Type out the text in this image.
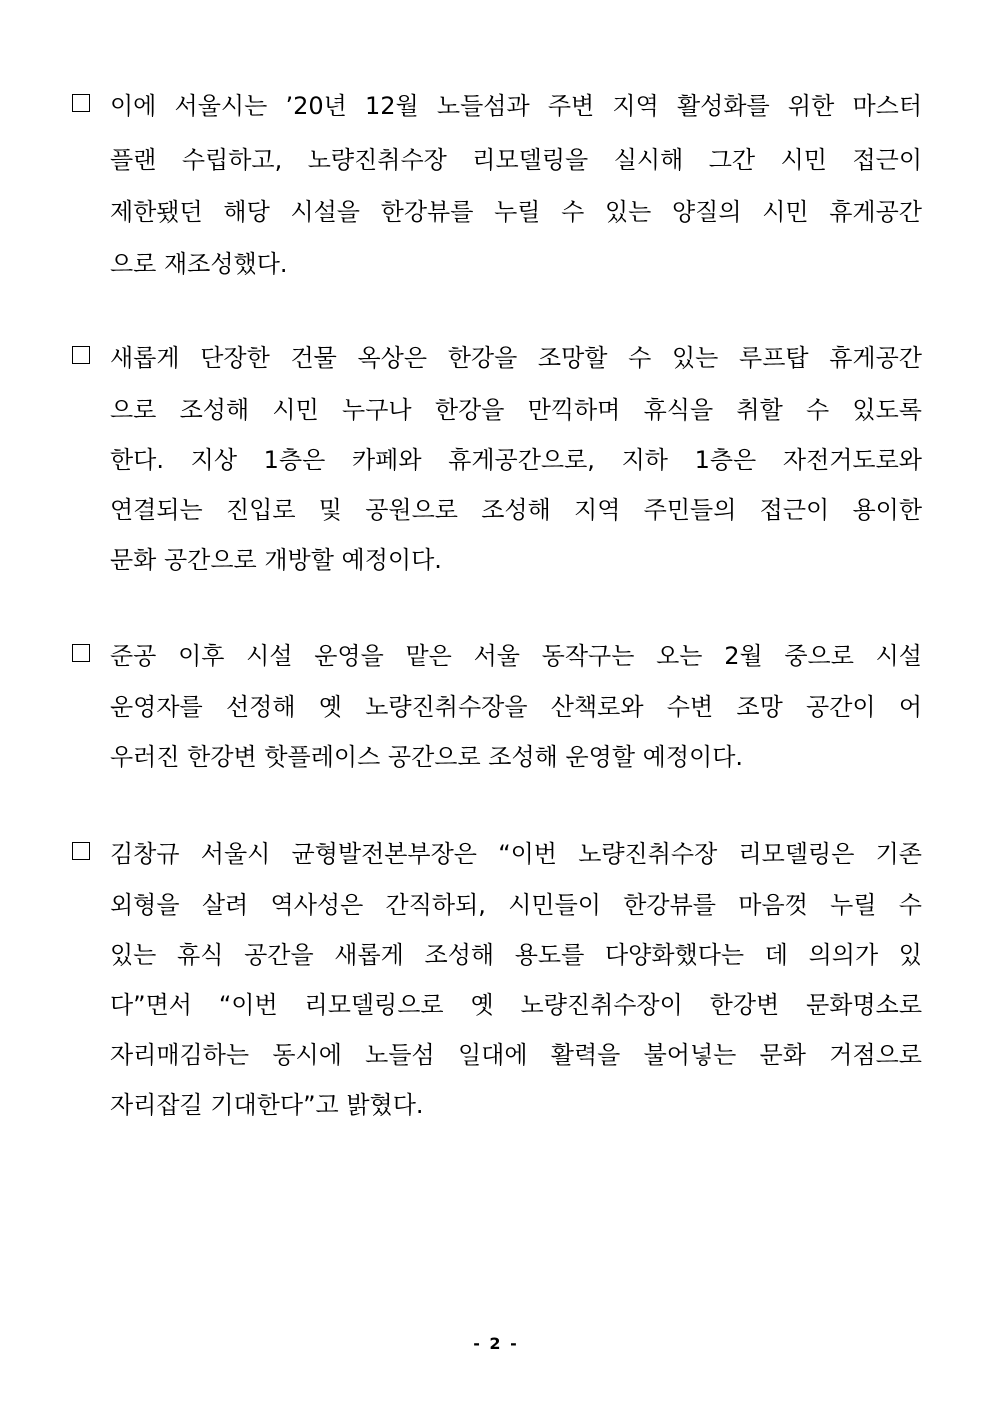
이에 서울시는 ’20년 12월 노들섬과 주변 지역 활성화를 위한 마스터
플랜 수립하고, 노량진취수장 리모델링을 실시해 그간 시민 접근이
제한됐던 해당 시설을 한강뷰를 누릴 수 있는 양질의 시민 휴게공간
으로 재조성했다.
새롭게 단장한 건물 옥상은 한강을 조망할 수 있는 루프탑 휴게공간
으로 조성해 시민 누구나 한강을 만끽하며 휴식을 취할 수 있도록
한다. 지상 1층은 카페와 휴게공간으로, 지하 1층은 자전거도로와
연결되는 진입로 및 공원으로 조성해 지역 주민들의 접근이 용이한
문화 공간으로 개방할 예정이다.
준공 이후 시설 운영을 맡은 서울 동작구는 오는 2월 중으로 시설
운영자를 선정해 옛 노량진취수장을 산책로와 수변 조망 공간이 어
우러진 한강변 핫플레이스 공간으로 조성해 운영할 예정이다.
김창규 서울시 균형발전본부장은 “이번 노량진취수장 리모델링은 기존
외형을 살려 역사성은 간직하되, 시민들이 한강뷰를 마음껏 누릴 수
있는 휴식 공간을 새롭게 조성해 용도를 다양화했다는 데 의의가 있
다”면서 “이번 리모델링으로 옛 노량진취수장이 한강변 문화명소로
자리매김하는 동시에 노들섬 일대에 활력을 불어넣는 문화 거점으로
자리잡길 기대한다”고 밝혔다.
- 2 -
